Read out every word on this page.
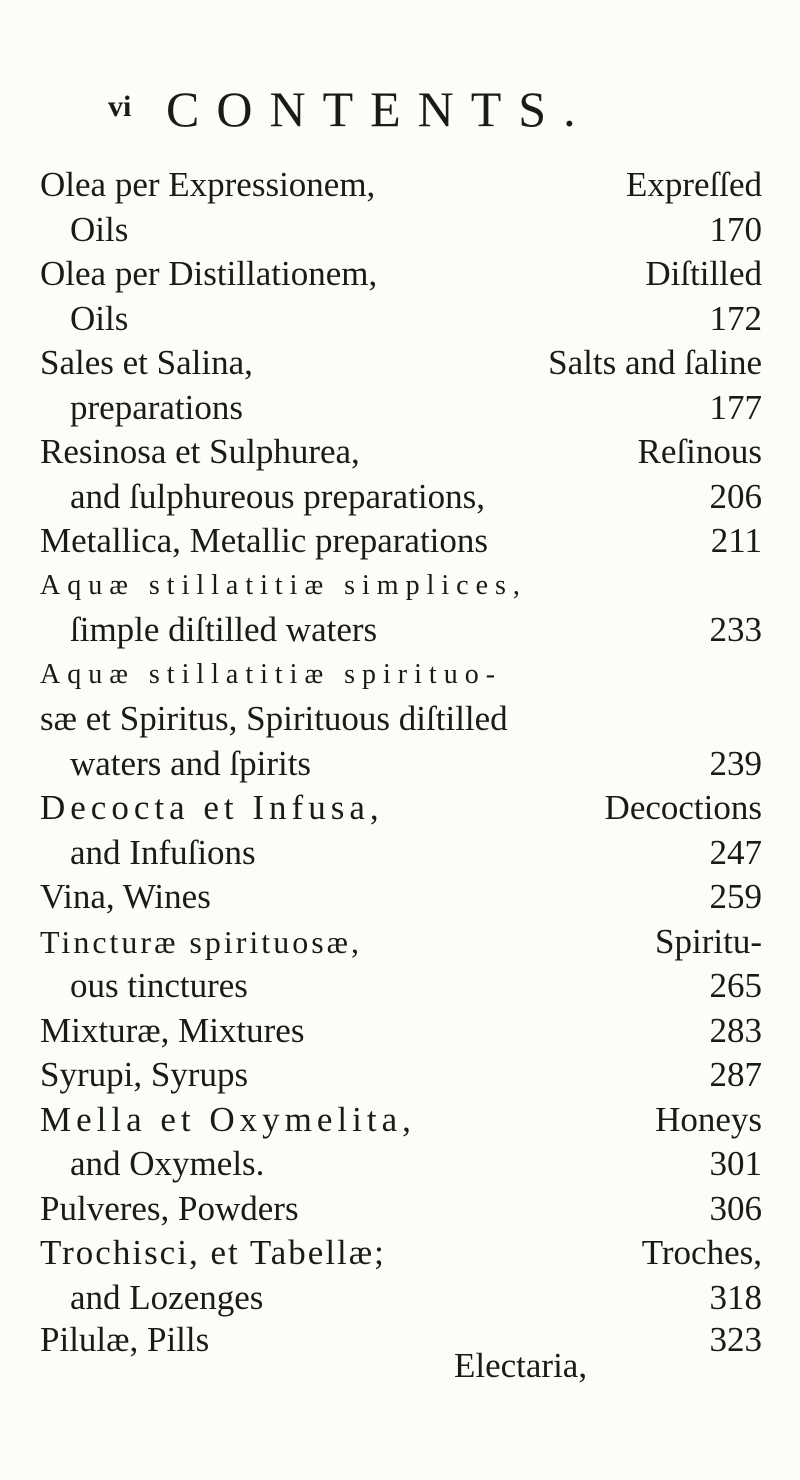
vi CONTENTS.
Olea per Expressionem,	Expreſſed
Oils	170
Olea per Distillationem,	Diſtilled
Oils	172
Sales et Salina,	Salts and ſaline
preparations	177
Resinosa et Sulphurea,	Reſinous
and ſulphureous preparations,	206
Metallica, Metallic preparations	211
Aquæ stillatitiæ simplices,
ſimple diſtilled waters	233
Aquæ stillatitiæ spirituo-
sæ et Spiritus, Spirituous diſtilled
waters and ſpirits	239
Decocta et Infusa,	Decoctions
and Infuſions	247
Vina, Wines	259
Tincturæ spirituosæ,	Spiritu-
ous tinctures	265
Mixturæ, Mixtures	283
Syrupi, Syrups	287
Mella et Oxymelita,	Honeys
and Oxymels.	301
Pulveres, Powders	306
Trochisci, et Tabellæ;	Troches,
and Lozenges	318
Pilulæ, Pills	323
Electaria,
